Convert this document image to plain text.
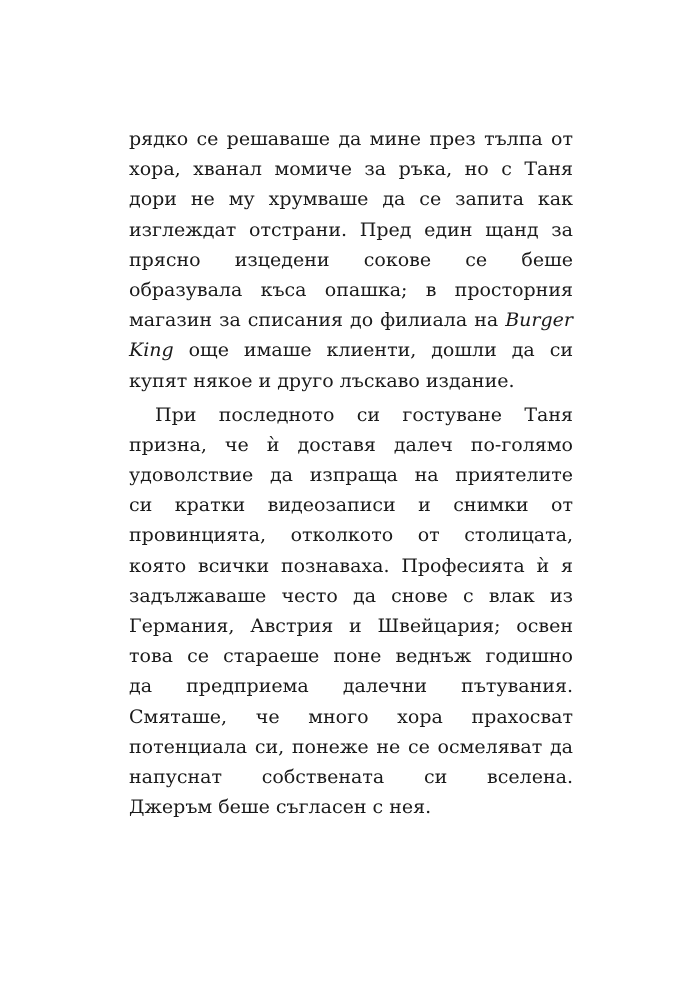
рядко се решаваше да мине през тълпа от
хора, хванал момиче за ръка, но с Таня
дори не му хрумваше да се запита как
изглеждат отстрани. Пред един щанд за
прясно изцедени сокове се беше
образувала къса опашка; в просторния
магазин за списания до филиала на Burger
King още имаше клиенти, дошли да си
купят някое и друго лъскаво издание.
При последното си гостуване Таня
призна, че ѝ доставя далеч по-голямо
удоволствие да изпраща на приятелите
си кратки видеозаписи и снимки от
провинцията, отколкото от столицата,
която всички познаваха. Професията ѝ я
задължаваше често да снове с влак из
Германия, Австрия и Швейцария; освен
това се стараеше поне веднъж годишно
да предприема далечни пътувания.
Смяташе, че много хора прахосват
потенциала си, понеже не се осмеляват да
напуснат собствената си вселена.
Джеръм беше съгласен с нея.
